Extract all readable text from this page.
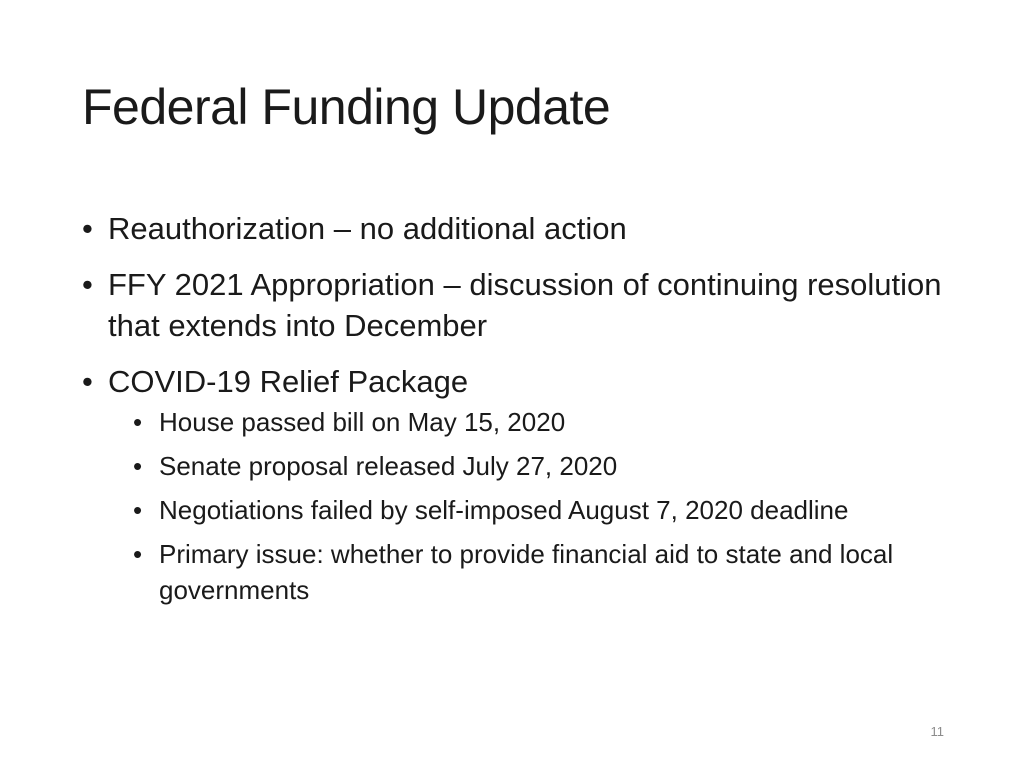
Federal Funding Update
• Reauthorization – no additional action
• FFY 2021 Appropriation – discussion of continuing resolution that extends into December
• COVID-19 Relief Package
• House passed bill on May 15, 2020
• Senate proposal released July 27, 2020
• Negotiations failed by self-imposed August 7, 2020 deadline
• Primary issue: whether to provide financial aid to state and local governments
11
